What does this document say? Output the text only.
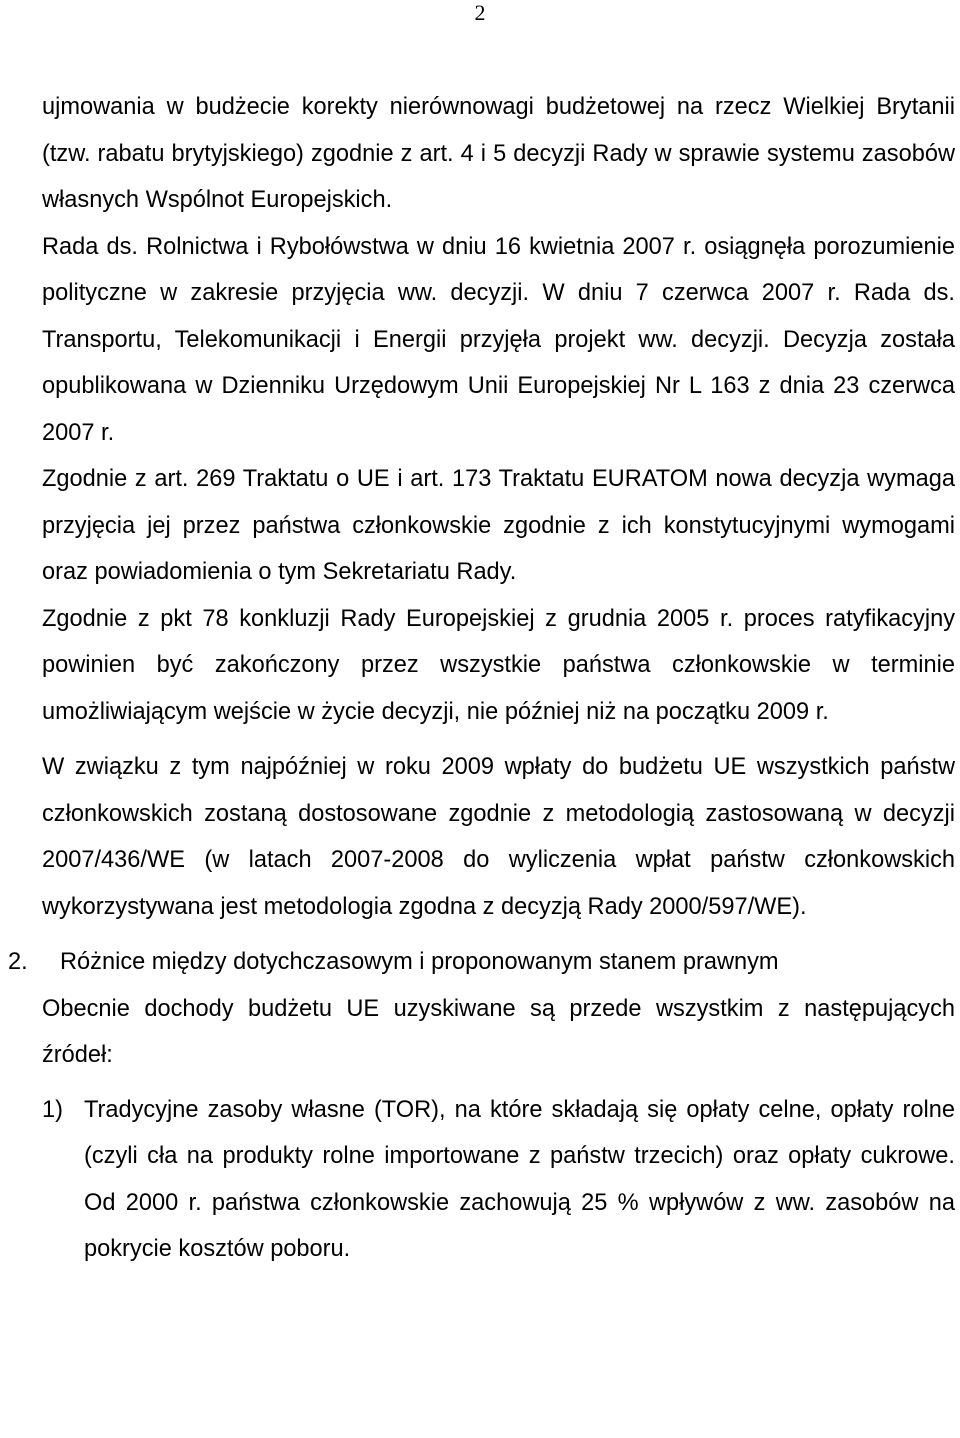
2

ujmowania w budżecie korekty nierównowagi budżetowej na rzecz Wielkiej Brytanii (tzw. rabatu brytyjskiego) zgodnie z art. 4 i 5 decyzji Rady w sprawie systemu zasobów własnych Wspólnot Europejskich.

Rada ds. Rolnictwa i Rybołówstwa w dniu 16 kwietnia 2007 r. osiągnęła porozumienie polityczne w zakresie przyjęcia ww. decyzji. W dniu 7 czerwca 2007 r. Rada ds. Transportu, Telekomunikacji i Energii przyjęła projekt ww. decyzji. Decyzja została opublikowana w Dzienniku Urzędowym Unii Europejskiej Nr L 163 z dnia 23 czerwca 2007 r.

Zgodnie z art. 269 Traktatu o UE i art. 173 Traktatu EURATOM nowa decyzja wymaga przyjęcia jej przez państwa członkowskie zgodnie z ich konstytucyjnymi wymogami oraz powiadomienia o tym Sekretariatu Rady.

Zgodnie z pkt 78 konkluzji Rady Europejskiej z grudnia 2005 r. proces ratyfikacyjny powinien być zakończony przez wszystkie państwa członkowskie w terminie umożliwiającym wejście w życie decyzji, nie później niż na początku 2009 r.

W związku z tym najpóźniej w roku 2009 wpłaty do budżetu UE wszystkich państw członkowskich zostaną dostosowane zgodnie z metodologią zastosowaną w decyzji 2007/436/WE (w latach 2007-2008 do wyliczenia wpłat państw członkowskich wykorzystywana jest metodologia zgodna z decyzją Rady 2000/597/WE).

2.	Różnice między dotychczasowym i proponowanym stanem prawnym

Obecnie dochody budżetu UE uzyskiwane są przede wszystkim z następujących źródeł:

1) Tradycyjne zasoby własne (TOR), na które składają się opłaty celne, opłaty rolne (czyli cła na produkty rolne importowane z państw trzecich) oraz opłaty cukrowe. Od 2000 r. państwa członkowskie zachowują 25 % wpływów z ww. zasobów na pokrycie kosztów poboru.
